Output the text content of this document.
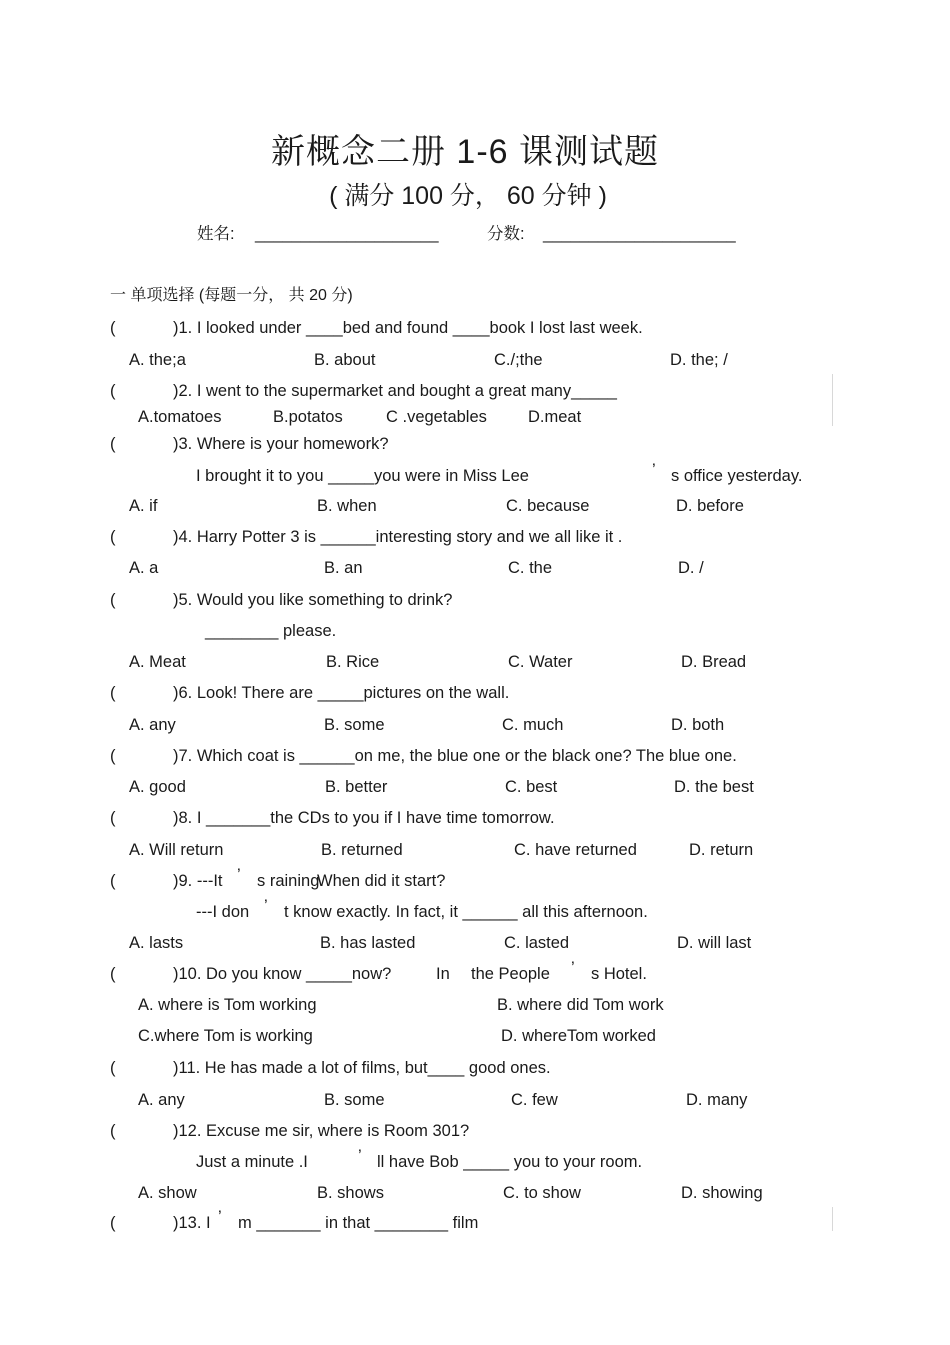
新概念二册 1-6 课测试题
( 满分 100 分， 60 分钟 )
姓名: ____________________	分数: _____________________
一 单项选择 (每题一分， 共 20 分)
(	)1. I looked under ____bed and found ____book I lost last week.
A. the;a	B. about	C./;the	D. the; /
(	)2. I went to the supermarket and bought a great many_____
A.tomatoes	B.potatos	C .vegetables D.meat
(	)3. Where is your homework?
I brought it to you _____you were in Miss Lee	’ s office yesterday.
A. if	B. when	C. because	D. before
(	)4. Harry Potter 3 is ______interesting story and we all like it .
A. a	B. an	C. the	D. /
(	)5. Would you like something to drink?
________ please.
A. Meat	B. Rice	C. Water	D. Bread
(	)6. Look! There are _____pictures on the wall.
A. any	B. some	C. much	D. both
(	)7. Which coat is ______on me, the blue one or the black one? The blue one.
A. good	B. better	C. best	D. the best
(	)8. I _______the CDs to you if I have time tomorrow.
A. Will return	B. returned	C. have returned	D. return
(	)9. ---It ’ s raining.
When did it start?
---I don ’ t know exactly. In fact, it ______ all this afternoon.
A. lasts	B. has lasted	C. lasted	D. will last
(	)10. Do you know _____now?	In the People ’ s Hotel.
A. where is Tom working	B. where did Tom work
C.where Tom is working	D. whereTom worked
(	)11. He has made a lot of films, but____ good ones.
A. any	B. some	C. few	D. many
(	)12. Excuse me sir, where is Room 301?
Just a minute .I	’ ll have Bob _____ you to your room.
A. show	B. shows	C. to show	D. showing
(	)13. I ’ m _______ in that ________ film
